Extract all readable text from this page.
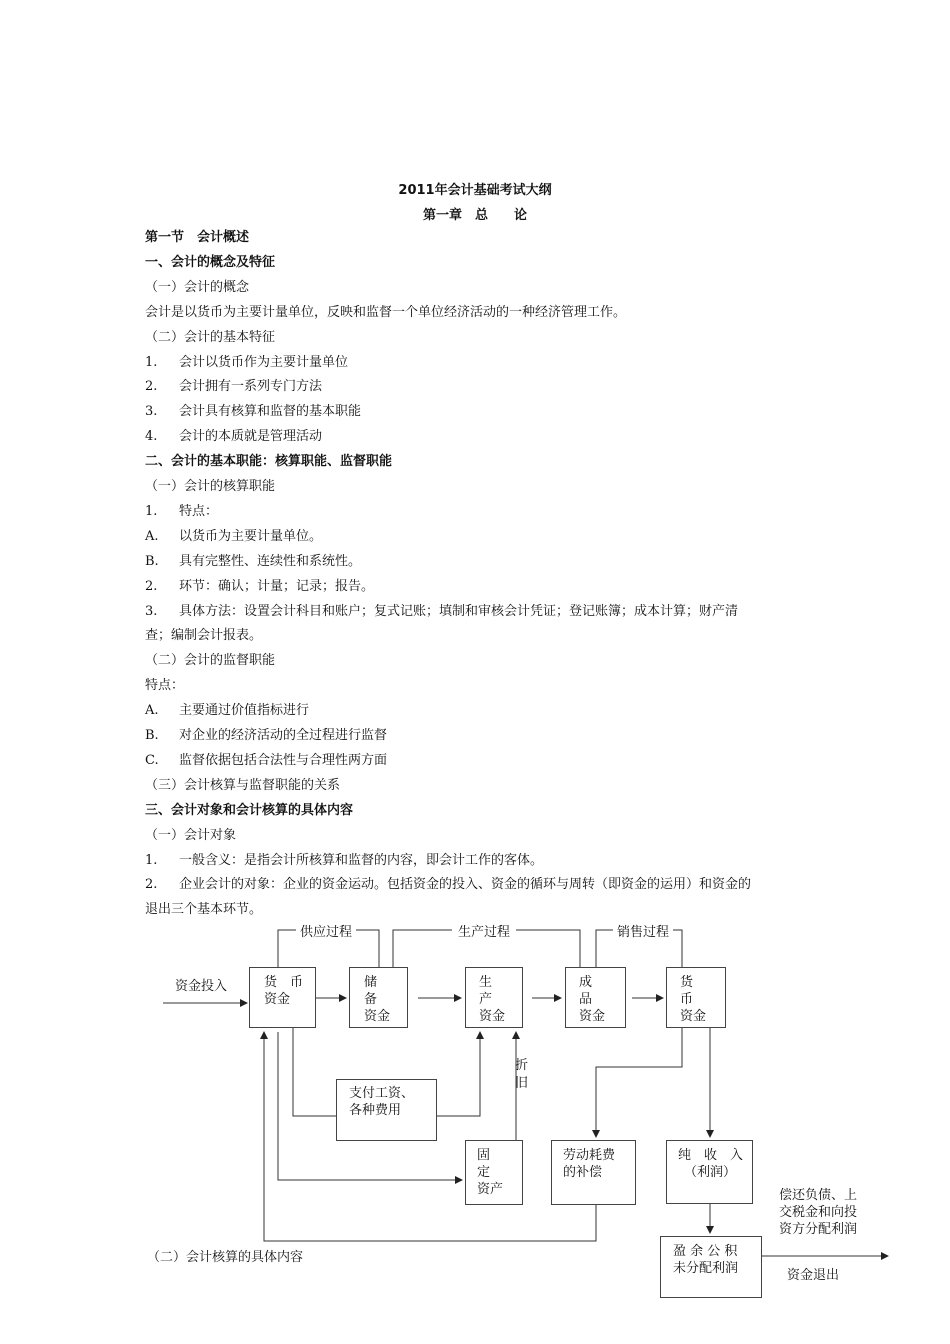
2011年会计基础考试大纲
第一章　总　　论
第一节　会计概述
一、会计的概念及特征
（一）会计的概念
会计是以货币为主要计量单位，反映和监督一个单位经济活动的一种经济管理工作。
（二）会计的基本特征
1. 会计以货币作为主要计量单位
2. 会计拥有一系列专门方法
3. 会计具有核算和监督的基本职能
4. 会计的本质就是管理活动
二、会计的基本职能：核算职能、监督职能
（一）会计的核算职能
1. 特点：
A. 以货币为主要计量单位。
B. 具有完整性、连续性和系统性。
2. 环节：确认；计量；记录；报告。
3. 具体方法：设置会计科目和账户；复式记账；填制和审核会计凭证；登记账簿；成本计算；财产清
查；编制会计报表。
（二）会计的监督职能
特点：
A. 主要通过价值指标进行
B. 对企业的经济活动的全过程进行监督
C. 监督依据包括合法性与合理性两方面
（三）会计核算与监督职能的关系
三、会计对象和会计核算的具体内容
（一）会计对象
1. 一般含义：是指会计所核算和监督的内容，即会计工作的客体。
2. 企业会计的对象：企业的资金运动。包括资金的投入、资金的循环与周转（即资金的运用）和资金的
退出三个基本环节。
供应过程	生产过程	销售过程
资金投入	货　币
资金
储　备
资金
生　产
资金
成　品
资金
货　币
资金
支付工资、
各种费用
折
旧
固　定
资产
劳动耗费
的补偿
纯　收　入
（利润）
盈 余 公 积
未分配利润
偿还负债、上
交税金和向投
资方分配利润
资金退出
（二）会计核算的具体内容
